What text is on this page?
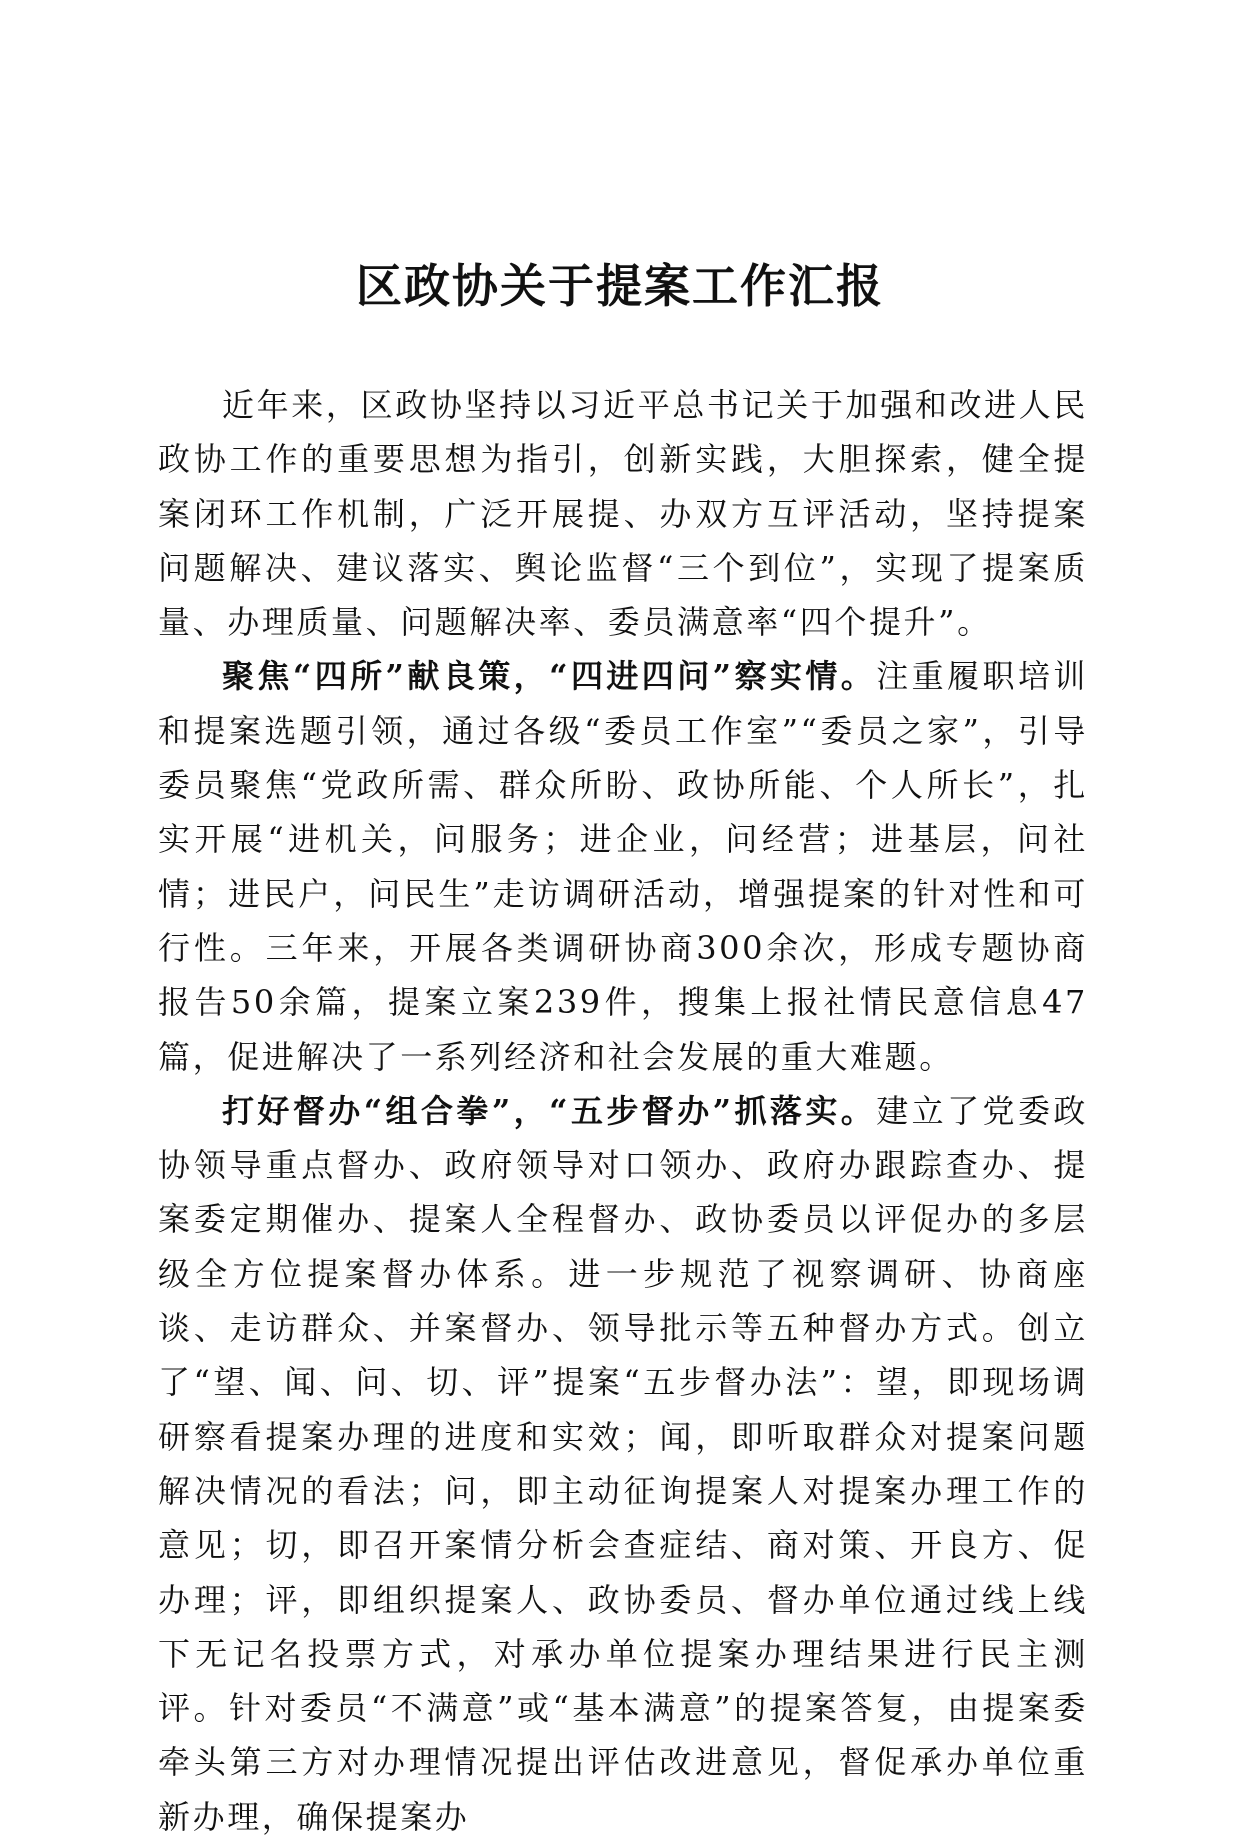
区政协关于提案工作汇报

近年来，区政协坚持以习近平总书记关于加强和改进人民政协工作的重要思想为指引，创新实践，大胆探索，健全提案闭环工作机制，广泛开展提、办双方互评活动，坚持提案问题解决、建议落实、舆论监督“三个到位”，实现了提案质量、办理质量、问题解决率、委员满意率“四个提升”。

聚焦“四所”献良策，“四进四问”察实情。注重履职培训和提案选题引领，通过各级“委员工作室”“委员之家”，引导委员聚焦“党政所需、群众所盼、政协所能、个人所长”，扎实开展“进机关，问服务；进企业，问经营；进基层，问社情；进民户，问民生”走访调研活动，增强提案的针对性和可行性。三年来，开展各类调研协商300余次，形成专题协商报告50余篇，提案立案239件，搜集上报社情民意信息47篇，促进解决了一系列经济和社会发展的重大难题。

打好督办“组合拳”，“五步督办”抓落实。建立了党委政协领导重点督办、政府领导对口领办、政府办跟踪查办、提案委定期催办、提案人全程督办、政协委员以评促办的多层级全方位提案督办体系。进一步规范了视察调研、协商座谈、走访群众、并案督办、领导批示等五种督办方式。创立了“望、闻、问、切、评”提案“五步督办法”：望，即现场调研察看提案办理的进度和实效；闻，即听取群众对提案问题解决情况的看法；问，即主动征询提案人对提案办理工作的意见；切，即召开案情分析会查症结、商对策、开良方、促办理；评，即组织提案人、政协委员、督办单位通过线上线下无记名投票方式，对承办单位提案办理结果进行民主测评。针对委员“不满意”或“基本满意”的提案答复，由提案委牵头第三方对办理情况提出评估改进意见，督促承办单位重新办理，确保提案办
